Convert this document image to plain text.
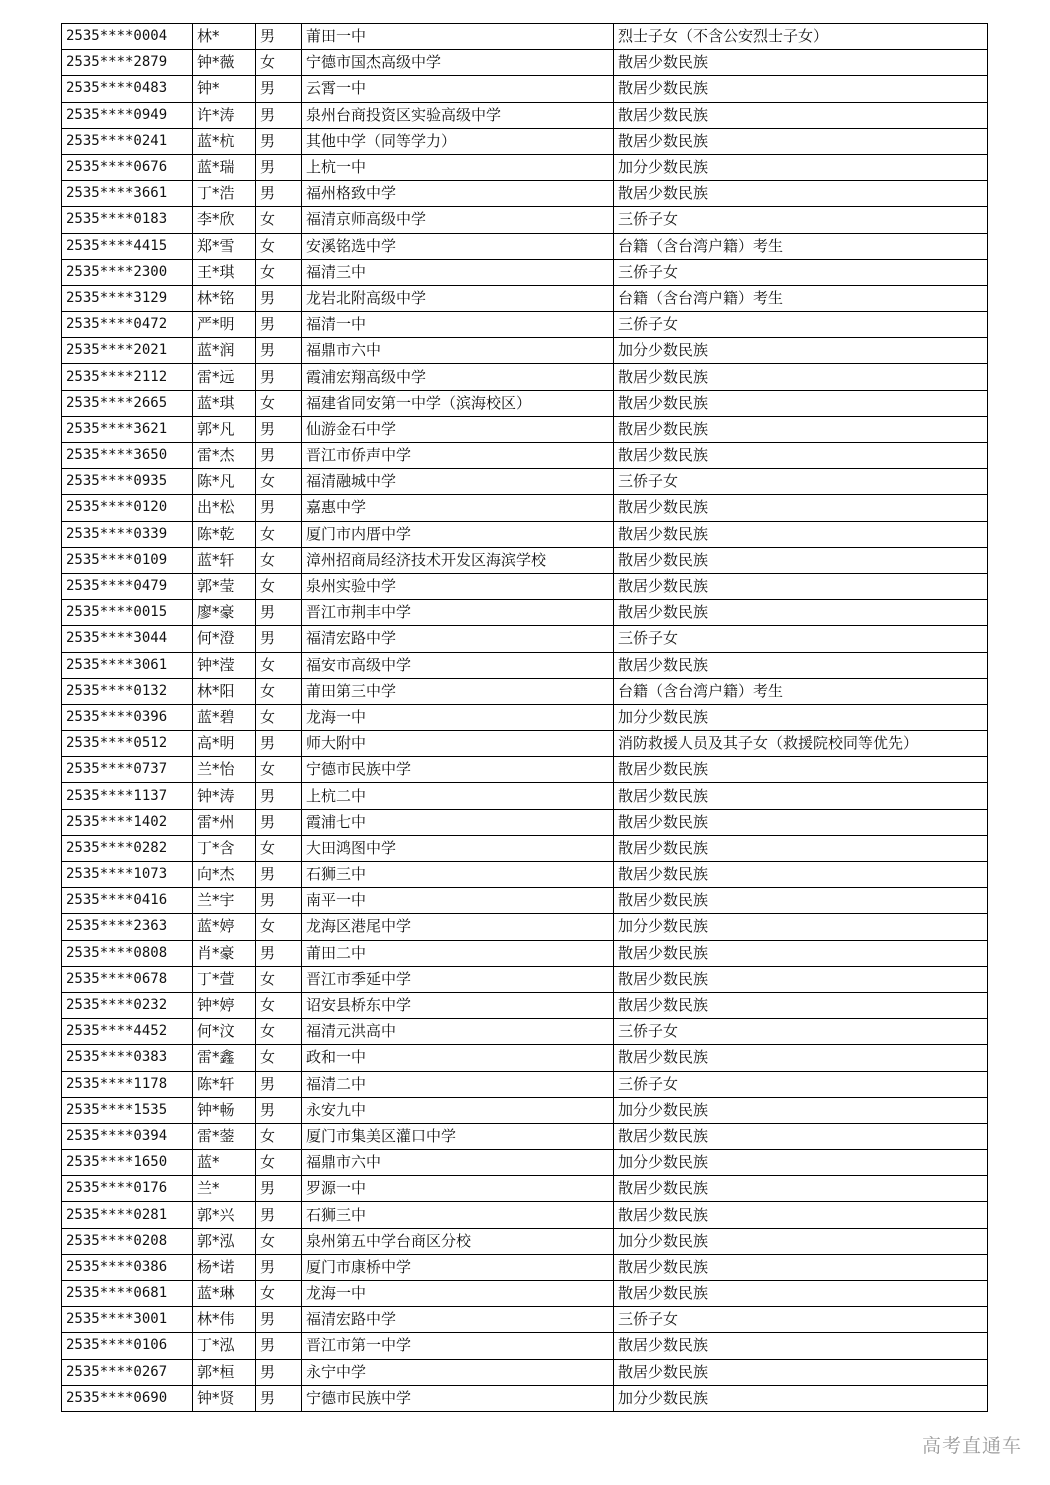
2535****0004	林*	男	莆田一中	烈士子女（不含公安烈士子女）
2535****2879	钟*薇	女	宁德市国杰高级中学	散居少数民族
2535****0483	钟*	男	云霄一中	散居少数民族
2535****0949	许*涛	男	泉州台商投资区实验高级中学	散居少数民族
2535****0241	蓝*杭	男	其他中学（同等学力）	散居少数民族
2535****0676	蓝*瑞	男	上杭一中	加分少数民族
2535****3661	丁*浩	男	福州格致中学	散居少数民族
2535****0183	李*欣	女	福清京师高级中学	三侨子女
2535****4415	郑*雪	女	安溪铭选中学	台籍（含台湾户籍）考生
2535****2300	王*琪	女	福清三中	三侨子女
2535****3129	林*铭	男	龙岩北附高级中学	台籍（含台湾户籍）考生
2535****0472	严*明	男	福清一中	三侨子女
2535****2021	蓝*润	男	福鼎市六中	加分少数民族
2535****2112	雷*远	男	霞浦宏翔高级中学	散居少数民族
2535****2665	蓝*琪	女	福建省同安第一中学（滨海校区）	散居少数民族
2535****3621	郭*凡	男	仙游金石中学	散居少数民族
2535****3650	雷*杰	男	晋江市侨声中学	散居少数民族
2535****0935	陈*凡	女	福清融城中学	三侨子女
2535****0120	出*松	男	嘉惠中学	散居少数民族
2535****0339	陈*乾	女	厦门市内厝中学	散居少数民族
2535****0109	蓝*轩	女	漳州招商局经济技术开发区海滨学校	散居少数民族
2535****0479	郭*莹	女	泉州实验中学	散居少数民族
2535****0015	廖*豪	男	晋江市荆丰中学	散居少数民族
2535****3044	何*澄	男	福清宏路中学	三侨子女
2535****3061	钟*滢	女	福安市高级中学	散居少数民族
2535****0132	林*阳	女	莆田第三中学	台籍（含台湾户籍）考生
2535****0396	蓝*碧	女	龙海一中	加分少数民族
2535****0512	高*明	男	师大附中	消防救援人员及其子女（救援院校同等优先）
2535****0737	兰*怡	女	宁德市民族中学	散居少数民族
2535****1137	钟*涛	男	上杭二中	散居少数民族
2535****1402	雷*州	男	霞浦七中	散居少数民族
2535****0282	丁*含	女	大田鸿图中学	散居少数民族
2535****1073	向*杰	男	石狮三中	散居少数民族
2535****0416	兰*宇	男	南平一中	散居少数民族
2535****2363	蓝*婷	女	龙海区港尾中学	加分少数民族
2535****0808	肖*豪	男	莆田二中	散居少数民族
2535****0678	丁*萱	女	晋江市季延中学	散居少数民族
2535****0232	钟*婷	女	诏安县桥东中学	散居少数民族
2535****4452	何*汶	女	福清元洪高中	三侨子女
2535****0383	雷*鑫	女	政和一中	散居少数民族
2535****1178	陈*轩	男	福清二中	三侨子女
2535****1535	钟*畅	男	永安九中	加分少数民族
2535****0394	雷*蓥	女	厦门市集美区灌口中学	散居少数民族
2535****1650	蓝*	女	福鼎市六中	加分少数民族
2535****0176	兰*	男	罗源一中	散居少数民族
2535****0281	郭*兴	男	石狮三中	散居少数民族
2535****0208	郭*泓	女	泉州第五中学台商区分校	加分少数民族
2535****0386	杨*诺	男	厦门市康桥中学	散居少数民族
2535****0681	蓝*琳	女	龙海一中	散居少数民族
2535****3001	林*伟	男	福清宏路中学	三侨子女
2535****0106	丁*泓	男	晋江市第一中学	散居少数民族
2535****0267	郭*桓	男	永宁中学	散居少数民族
2535****0690	钟*贤	男	宁德市民族中学	加分少数民族
高考直通车
